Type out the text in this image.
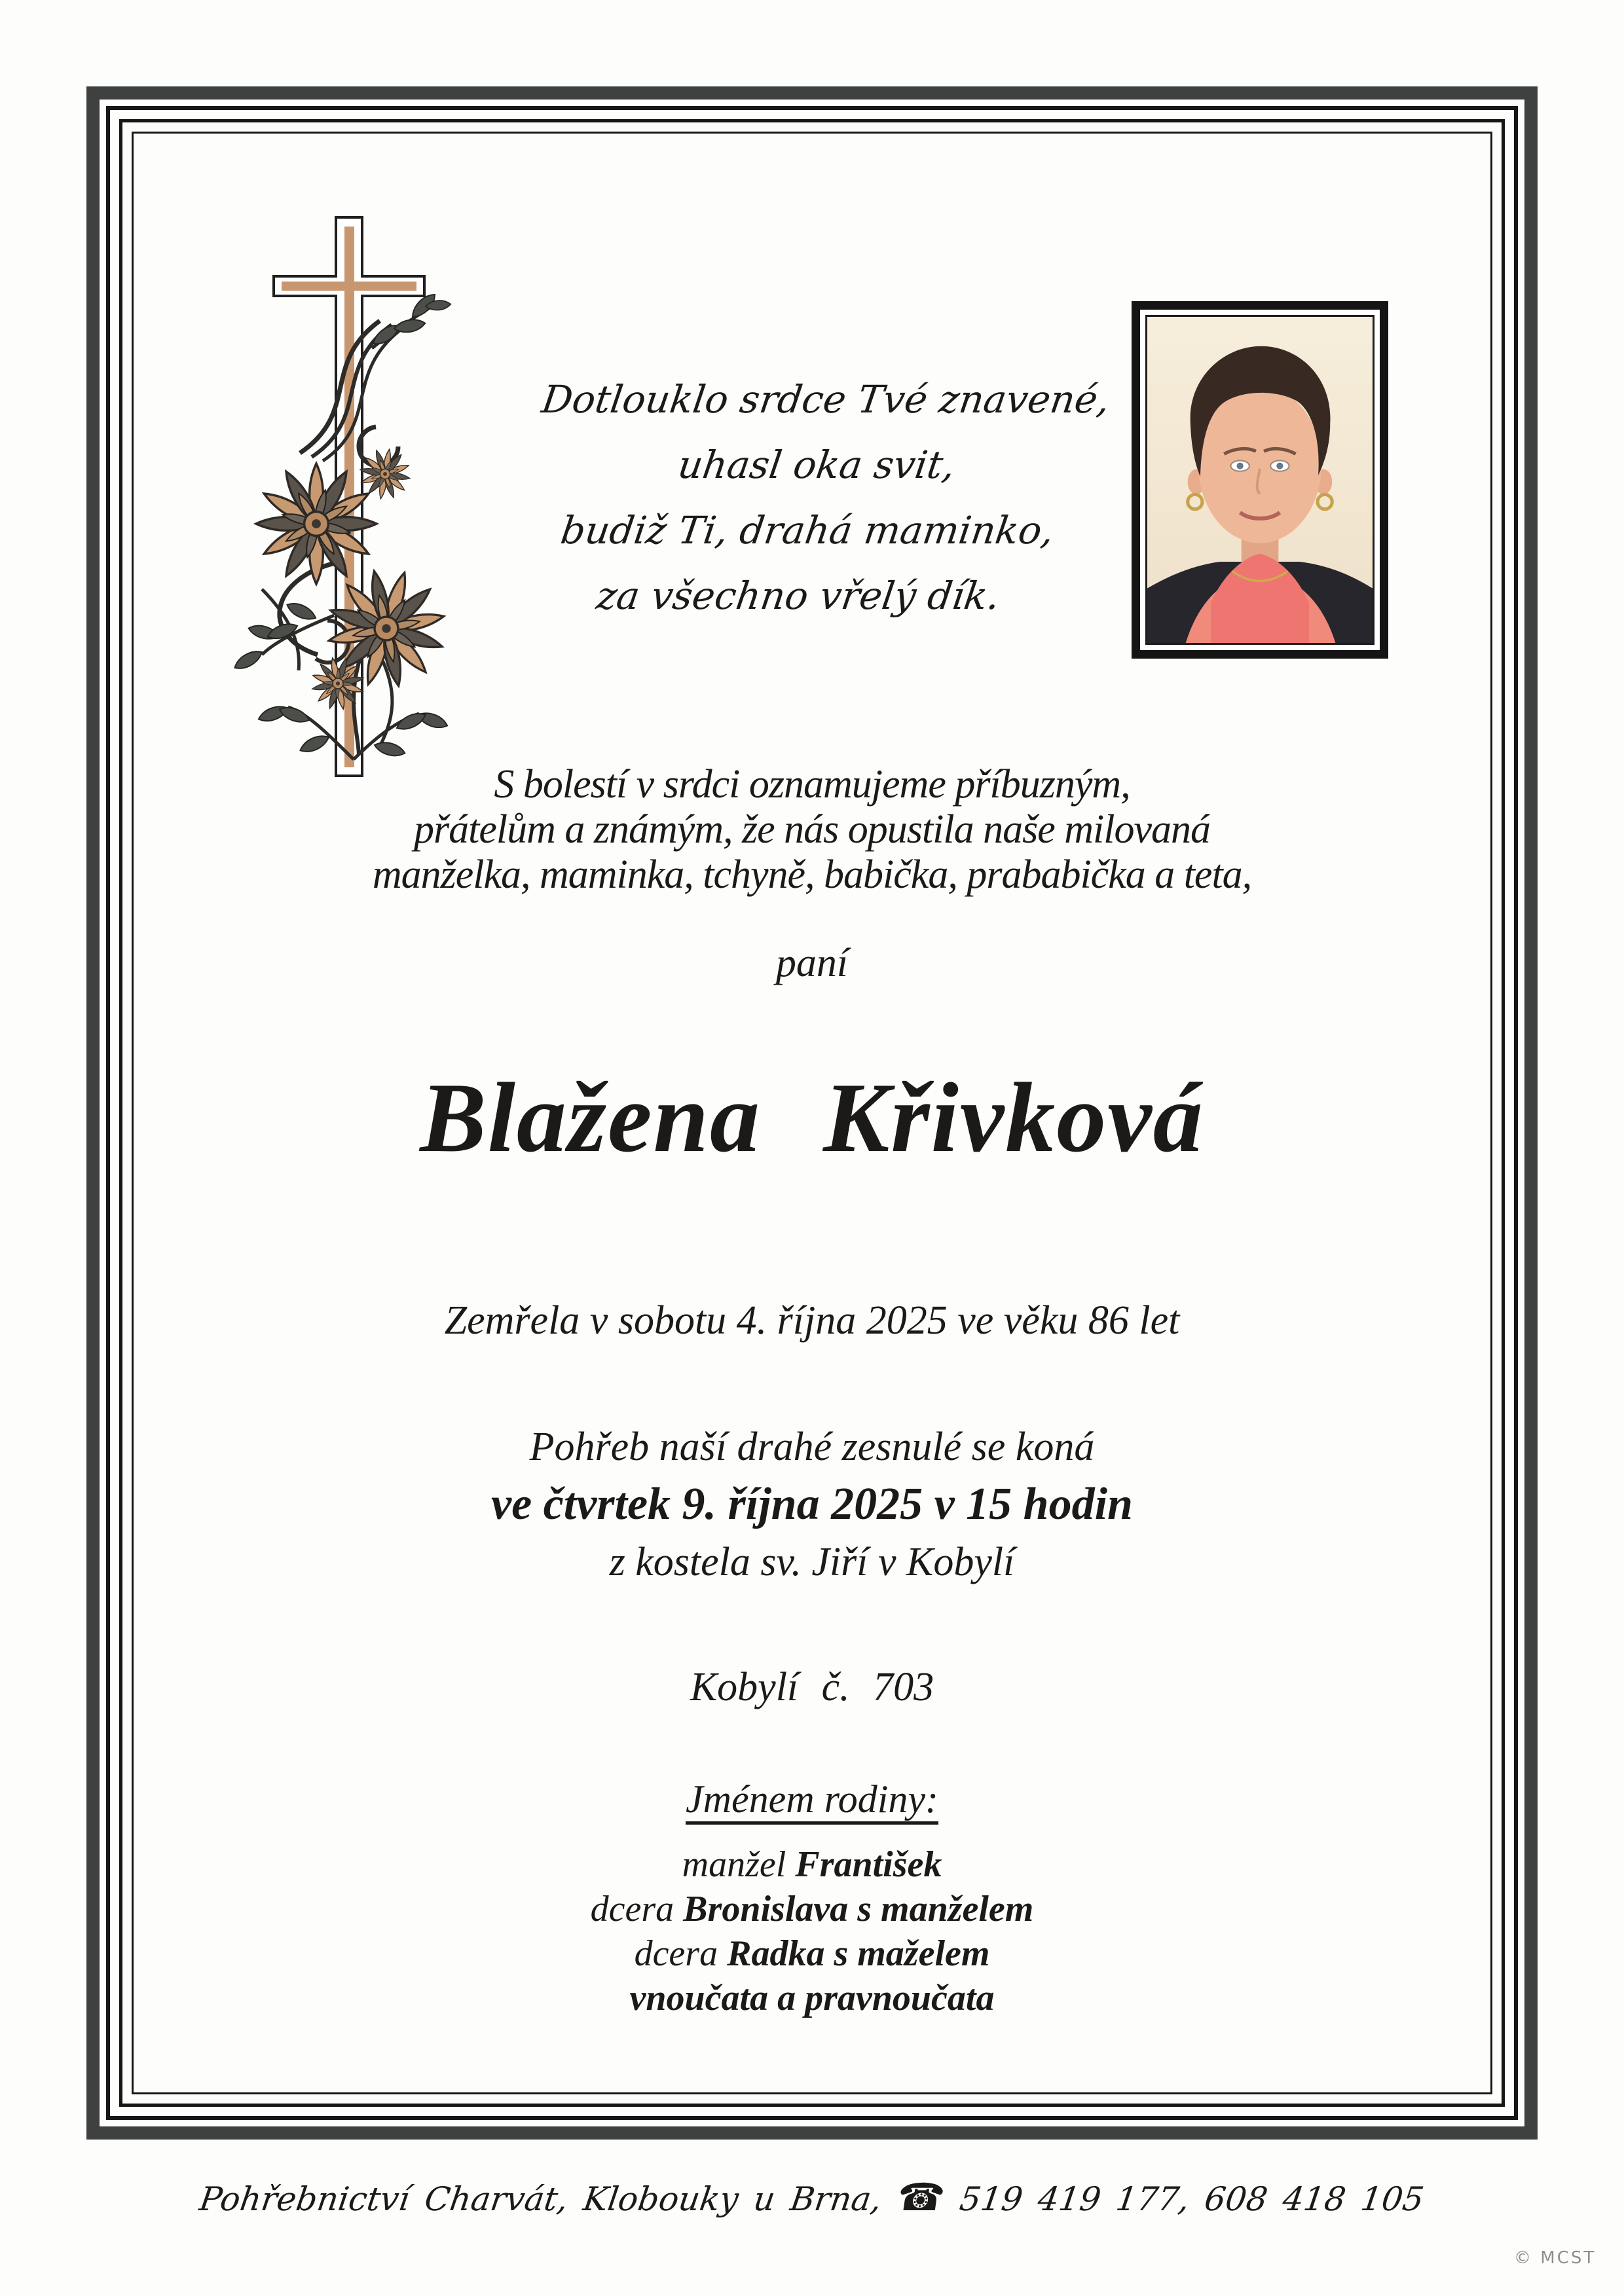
Dotlouklo srdce Tvé znavené,
uhasl oka svit,
budiž Ti, drahá maminko,
za všechno vřelý dík.
S bolestí v srdci oznamujeme příbuzným,
přátelům a známým, že nás opustila naše milovaná
manželka, maminka, tchyně, babička, prababička a teta,
paní
Blažena Křivková
Zemřela v sobotu 4. října 2025 ve věku 86 let
Pohřeb naší drahé zesnulé se koná
ve čtvrtek 9. října 2025 v 15 hodin
z kostela sv. Jiří v Kobylí
Kobylí č. 703
Jménem rodiny:
manžel František
dcera Bronislava s manželem
dcera Radka s maželem
vnoučata a pravnoučata
Pohřebnictví Charvát, Klobouky u Brna, ☎ 519 419 177, 608 418 105
© MCST
